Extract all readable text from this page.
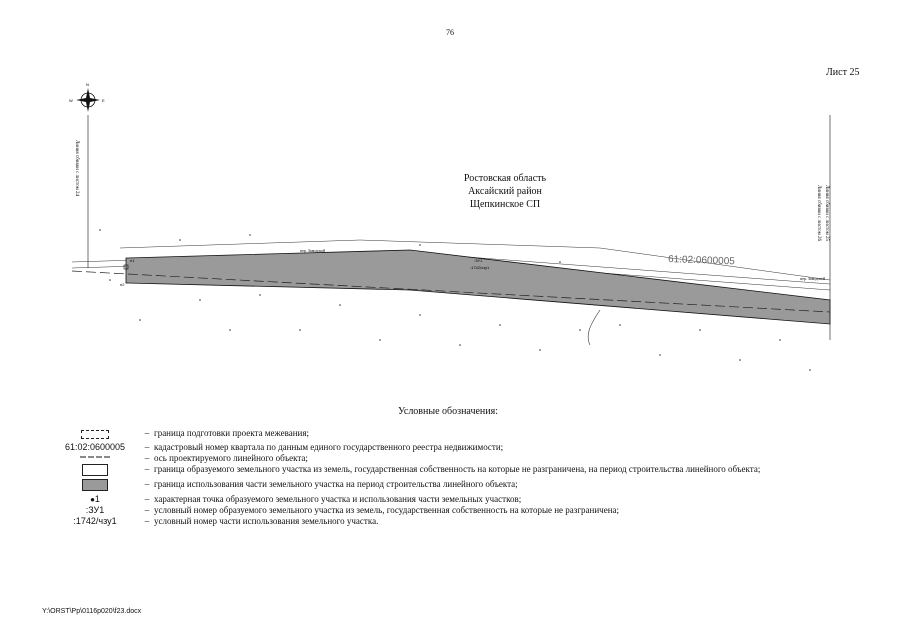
76
Лист 25
N
W	E
Линия сбивки с листом 24
Линия сбивки с листом 26 Линия сбивки с листом 25
н1
н2
пер. Заводской
пер. Заводской
61:02:0600005
:ЗУ1
:1742/чзу1
Ростовская область
Аксайский район
Щепкинское СП
Условные обозначения:
– граница подготовки проекта межевания;
61:02:0600005	– кадастровый номер квартала по данным единого государственного реестра недвижимости;
– ось проектируемого линейного объекта;
– граница образуемого земельного участка из земель, государственная собственность на которые не разграничена, на период строительства линейного объекта;
– граница использования части земельного участка на период строительства линейного объекта;
●1	– характерная точка образуемого земельного участка и использования части земельных участков;
:ЗУ1	– условный номер образуемого земельного участка из земель, государственная собственность на которые не разграничена;
:1742/чзу1	– условный номер части использования земельного участка.
Y:\ORST\Pp\0116p020\f23.docx
